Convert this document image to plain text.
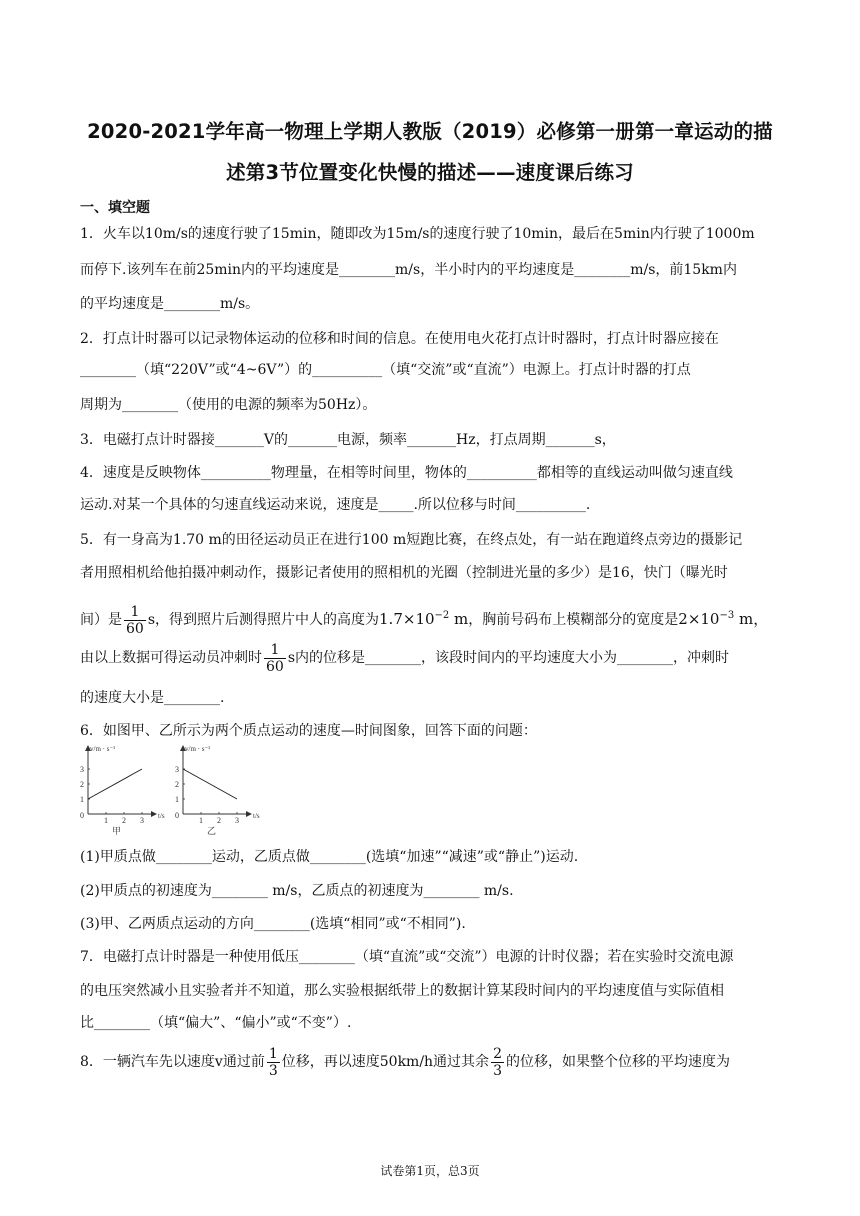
2020-2021学年高一物理上学期人教版（2019）必修第一册第一章运动的描
述第3节位置变化快慢的描述——速度课后练习
一、填空题
1．火车以10m/s的速度行驶了15min，随即改为15m/s的速度行驶了10min，最后在5min内行驶了1000m
而停下.该列车在前25min内的平均速度是________m/s，半小时内的平均速度是________m/s，前15km内
的平均速度是________m/s。
2．打点计时器可以记录物体运动的位移和时间的信息。在使用电火花打点计时器时，打点计时器应接在
________（填“220V”或“4~6V”）的__________（填“交流”或“直流”）电源上。打点计时器的打点
周期为________（使用的电源的频率为50Hz）。
3．电磁打点计时器接_______V的_______电源，频率_______Hz，打点周期_______s，
4．速度是反映物体__________物理量，在相等时间里，物体的__________都相等的直线运动叫做匀速直线
运动.对某一个具体的匀速直线运动来说，速度是_____.所以位移与时间__________.
5．有一身高为1.70 m的田径运动员正在进行100 m短跑比赛，在终点处，有一站在跑道终点旁边的摄影记
者用照相机给他拍摄冲刺动作，摄影记者使用的照相机的光圈（控制进光量的多少）是16，快门（曝光时
间）是 $\frac{1}{60}$ s，得到照片后测得照片中人的高度为$1.7\times 10^{-2}$ m，胸前号码布上模糊部分的宽度是$2\times 10^{-3}$ m，
由以上数据可得运动员冲刺时 $\frac{1}{60}$ s内的位移是________，该段时间内的平均速度大小为________，冲刺时
的速度大小是________.
6．如图甲、乙所示为两个质点运动的速度—时间图象，回答下面的问题：
v/m · s⁻¹
t/s
0
1
2
3
1 2 3
甲
v/m · s⁻¹
t/s
0
1
2
3
1 2 3
乙
(1)甲质点做________运动，乙质点做________(选填“加速”“减速”或“静止”)运动.
(2)甲质点的初速度为________ m/s，乙质点的初速度为________ m/s.
(3)甲、乙两质点运动的方向________(选填“相同”或“不相同”).
7．电磁打点计时器是一种使用低压________（填“直流”或“交流”）电源的计时仪器；若在实验时交流电源
的电压突然减小且实验者并不知道，那么实验根据纸带上的数据计算某段时间内的平均速度值与实际值相
比________（填“偏大”、“偏小”或“不变”）.
8．一辆汽车先以速度v通过前 $\frac{1}{3}$ 位移，再以速度50km/h通过其余 $\frac{2}{3}$ 的位移，如果整个位移的平均速度为
试卷第1页，总3页
